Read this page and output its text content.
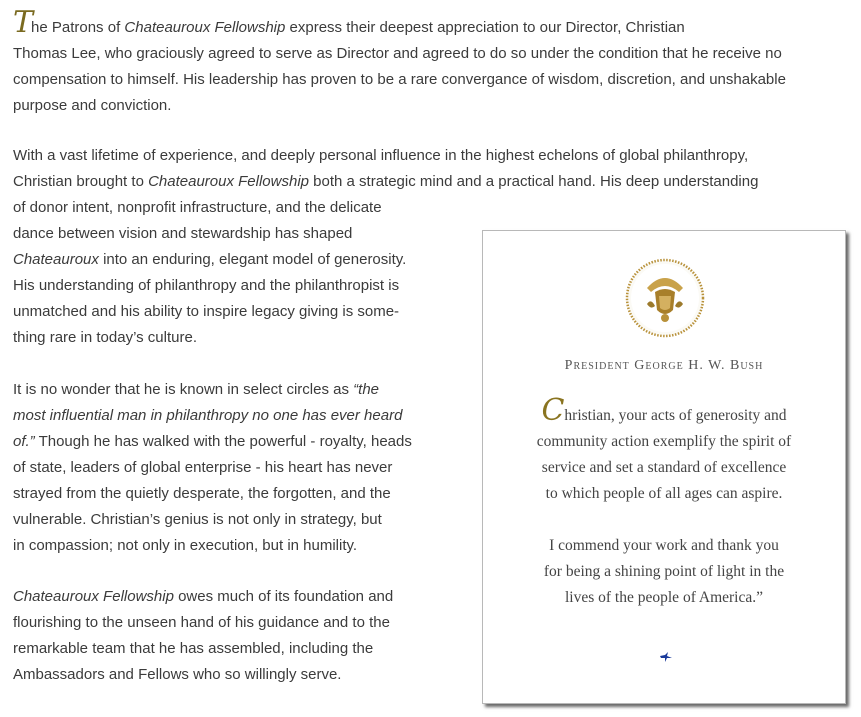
The Patrons of Chateauroux Fellowship express their deepest appreciation to our Director, Christian
Thomas Lee, who graciously agreed to serve as Director and agreed to do so under the condition that he receive no
compensation to himself. His leadership has proven to be a rare convergance of wisdom, discretion, and unshakable
purpose and conviction.
With a vast lifetime of experience, and deeply personal influence in the highest echelons of global philanthropy,
Christian brought to Chateauroux Fellowship both a strategic mind and a practical hand. His deep understanding
of donor intent, nonprofit infrastructure, and the delicate
dance between vision and stewardship has shaped
Chateauroux into an enduring, elegant model of generosity.
His understanding of philanthropy and the philanthropist is
unmatched and his ability to inspire legacy giving is some-
thing rare in today’s culture.
It is no wonder that he is known in select circles as “the
most influential man in philanthropy no one has ever heard
of.” Though he has walked with the powerful - royalty, heads
of state, leaders of global enterprise - his heart has never
strayed from the quietly desperate, the forgotten, and the
vulnerable. Christian’s genius is not only in strategy, but
in compassion; not only in execution, but in humility.
Chateauroux Fellowship owes much of its foundation and
flourishing to the unseen hand of his guidance and to the
remarkable team that he has assembled, including the
Ambassadors and Fellows who so willingly serve.
President George H. W. Bush
Christian, your acts of generosity and
community action exemplify the spirit of
service and set a standard of excellence
to which people of all ages can aspire.
I commend your work and thank you
for being a shining point of light in the
lives of the people of America.”
